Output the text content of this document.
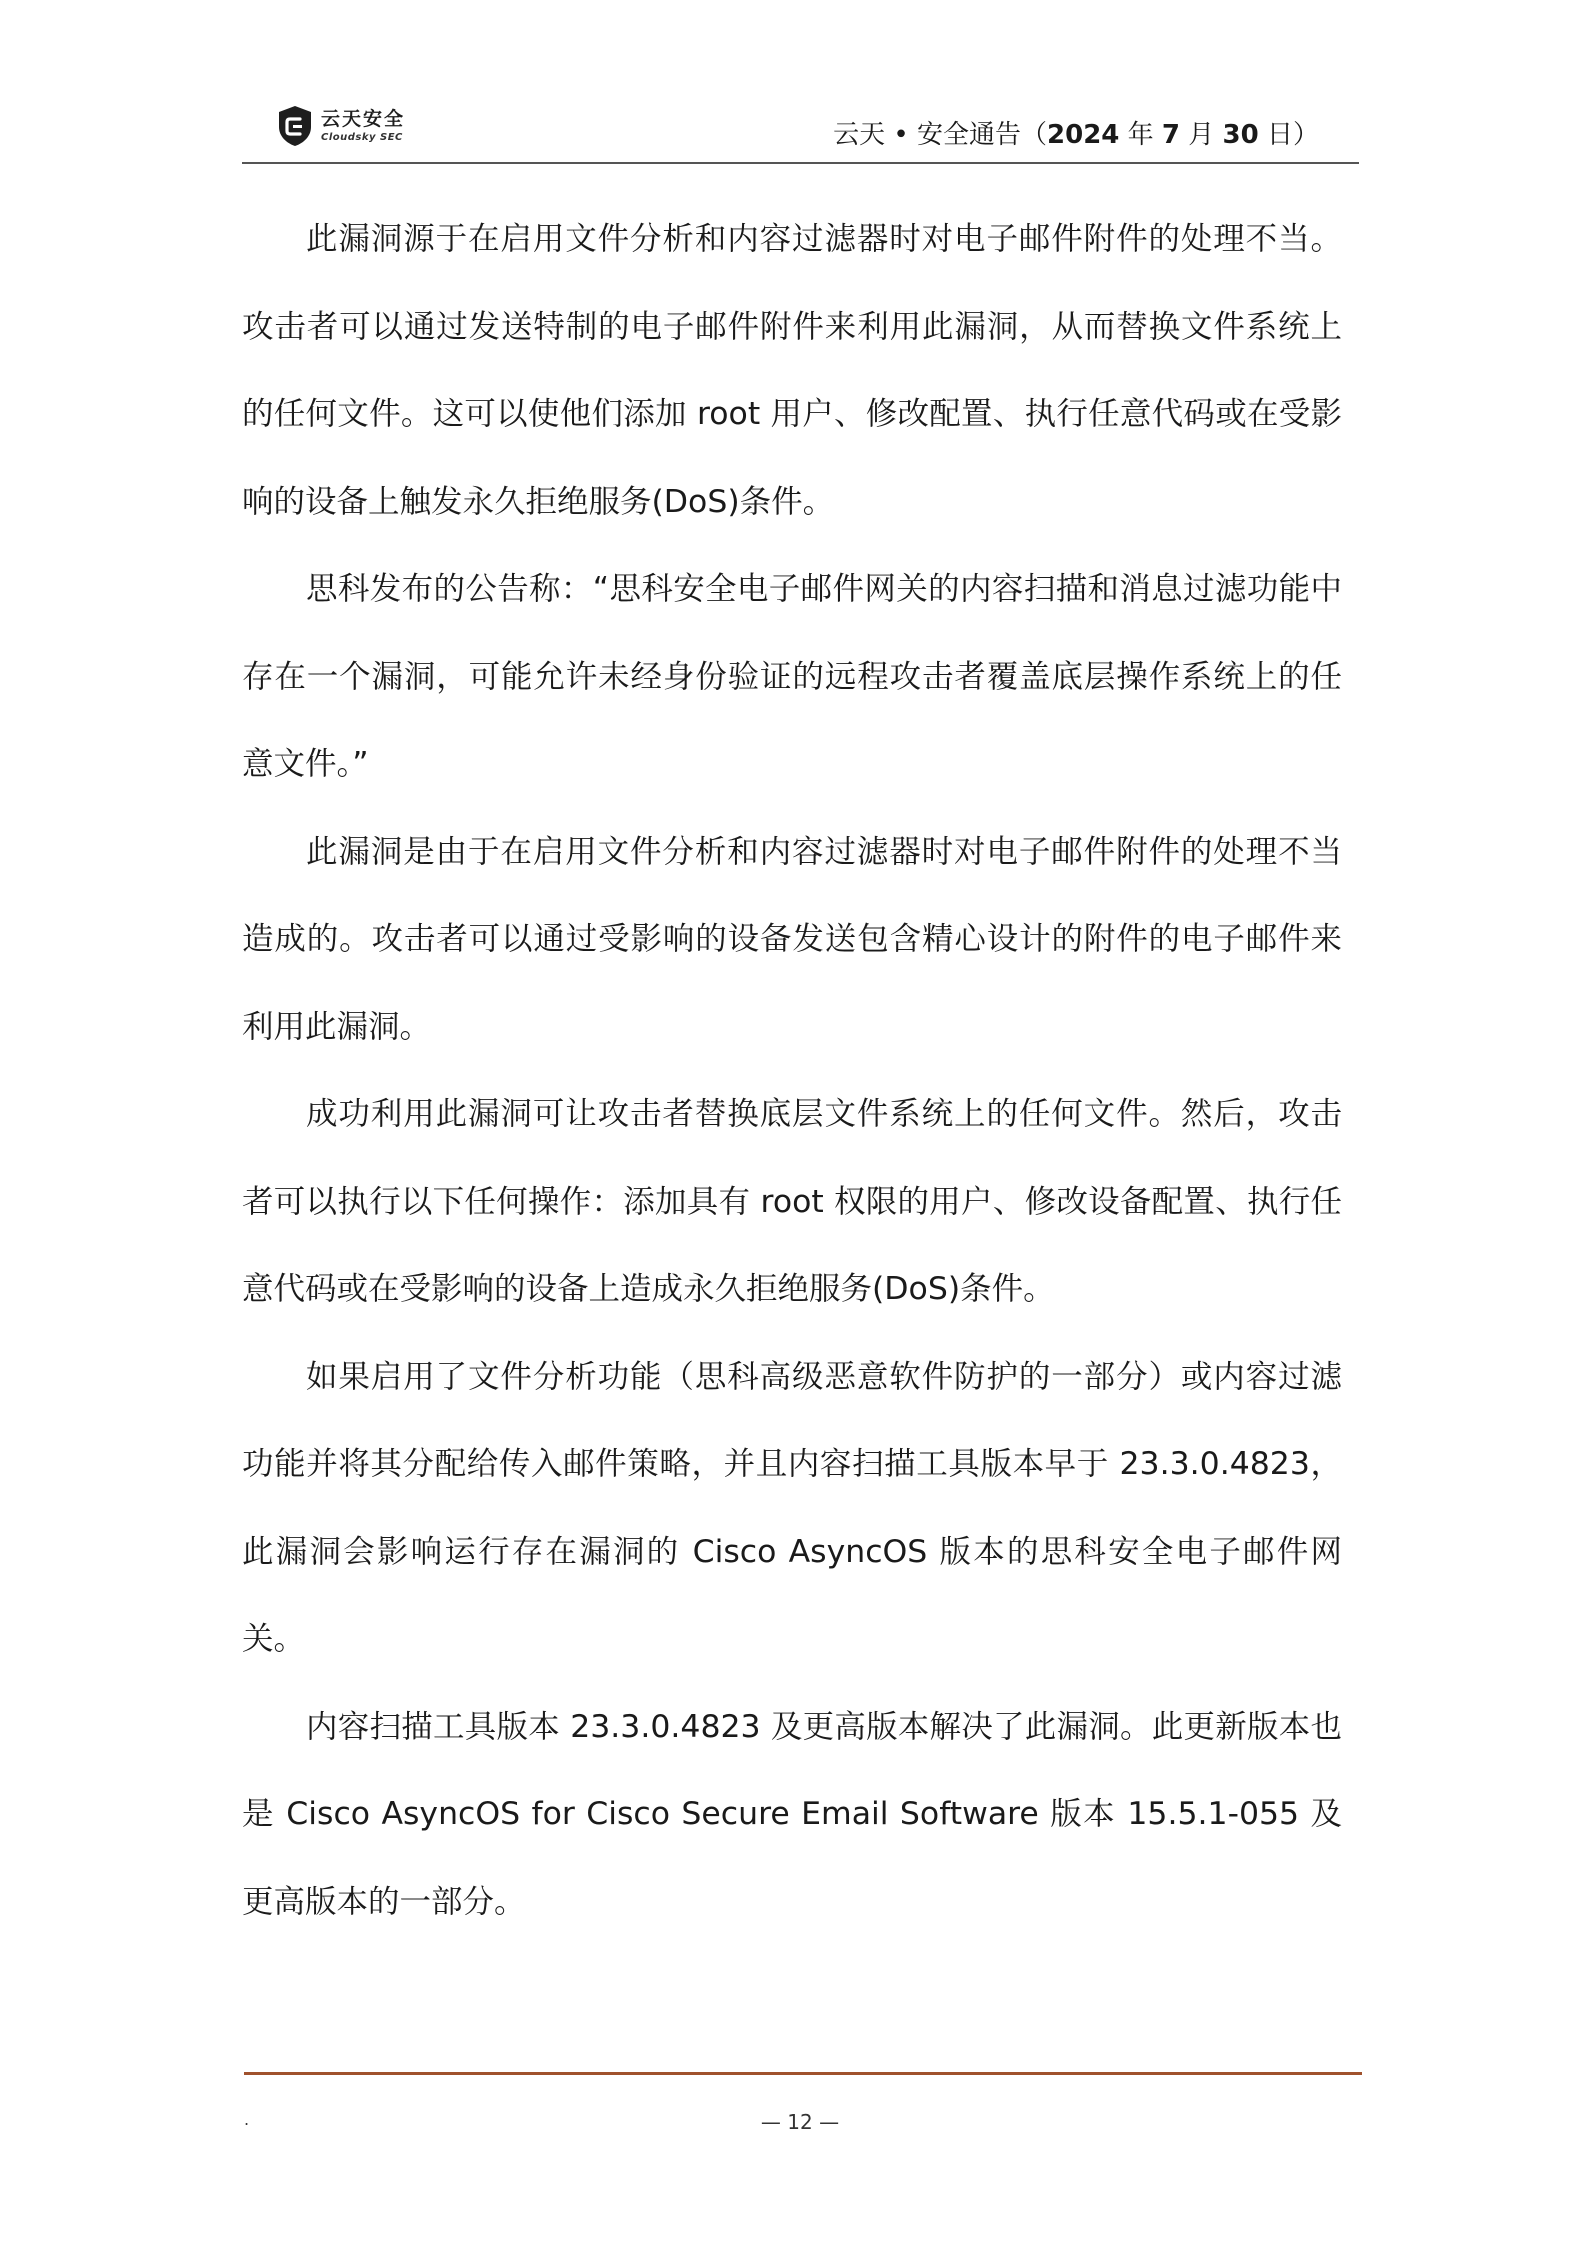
云天安全
Cloudsky SEC	云天 • 安全通告（2024 年 7 月 30 日）

此漏洞源于在启用文件分析和内容过滤器时对电子邮件附件的处理不当。攻击者可以通过发送特制的电子邮件附件来利用此漏洞，从而替换文件系统上的任何文件。这可以使他们添加 root 用户、修改配置、执行任意代码或在受影响的设备上触发永久拒绝服务(DoS)条件。

思科发布的公告称：“思科安全电子邮件网关的内容扫描和消息过滤功能中存在一个漏洞，可能允许未经身份验证的远程攻击者覆盖底层操作系统上的任意文件。”

此漏洞是由于在启用文件分析和内容过滤器时对电子邮件附件的处理不当造成的。攻击者可以通过受影响的设备发送包含精心设计的附件的电子邮件来利用此漏洞。

成功利用此漏洞可让攻击者替换底层文件系统上的任何文件。然后，攻击者可以执行以下任何操作：添加具有 root 权限的用户、修改设备配置、执行任意代码或在受影响的设备上造成永久拒绝服务(DoS)条件。

如果启用了文件分析功能（思科高级恶意软件防护的一部分）或内容过滤功能并将其分配给传入邮件策略，并且内容扫描工具版本早于 23.3.0.4823，此漏洞会影响运行存在漏洞的 Cisco AsyncOS 版本的思科安全电子邮件网关。

内容扫描工具版本 23.3.0.4823 及更高版本解决了此漏洞。此更新版本也是 Cisco AsyncOS for Cisco Secure Email Software 版本 15.5.1-055 及更高版本的一部分。

.	— 12 —
